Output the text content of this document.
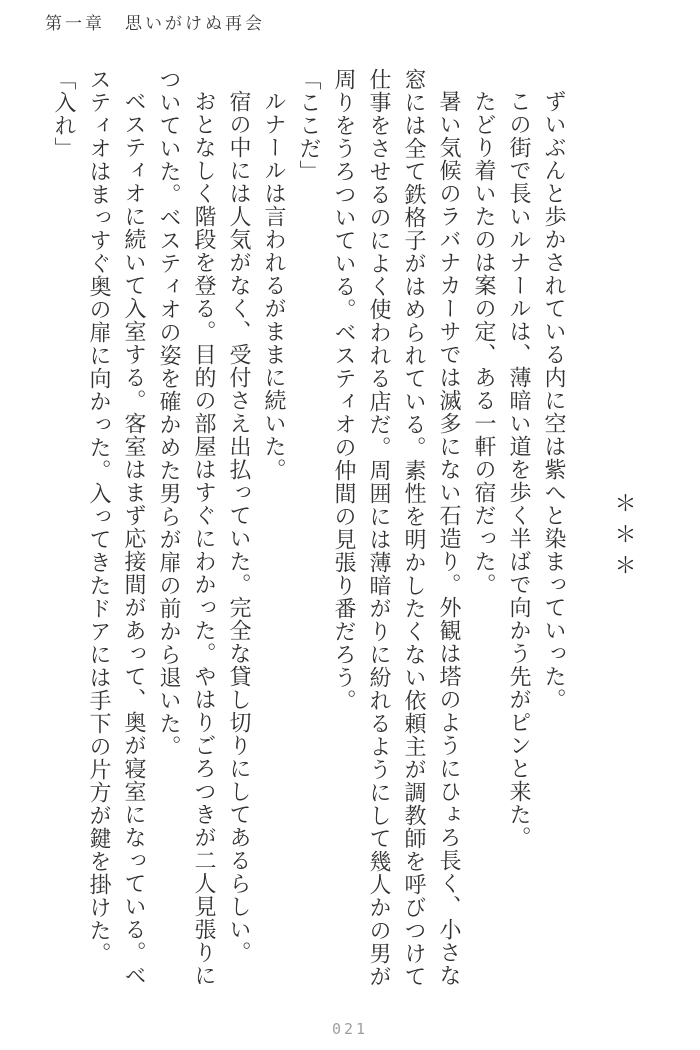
第一章　思いがけぬ再会

＊＊＊

ずいぶんと歩かされている内に空は紫へと染まっていった。

この街で長いルナールは、薄暗い道を歩く半ばで向かう先がピンと来た。

たどり着いたのは案の定、ある一軒の宿だった。

暑い気候のラバナカーサでは滅多にない石造り。外観は塔のようにひょろ長く、小さな

窓には全て鉄格子がはめられている。素性を明かしたくない依頼主が調教師を呼びつけて

仕事をさせるのによく使われる店だ。周囲には薄暗がりに紛れるようにして幾人かの男が

周りをうろついている。ベスティオの仲間の見張り番だろう。

「ここだ」

ルナールは言われるがままに続いた。

宿の中には人気がなく、受付さえ出払っていた。完全な貸し切りにしてあるらしい。

おとなしく階段を登る。目的の部屋はすぐにわかった。やはりごろつきが二人見張りに

ついていた。ベスティオの姿を確かめた男らが扉の前から退いた。

ベスティオに続いて入室する。客室はまず応接間があって、奥が寝室になっている。ベ

スティオはまっすぐ奥の扉に向かった。入ってきたドアには手下の片方が鍵を掛けた。

「入れ」

021
